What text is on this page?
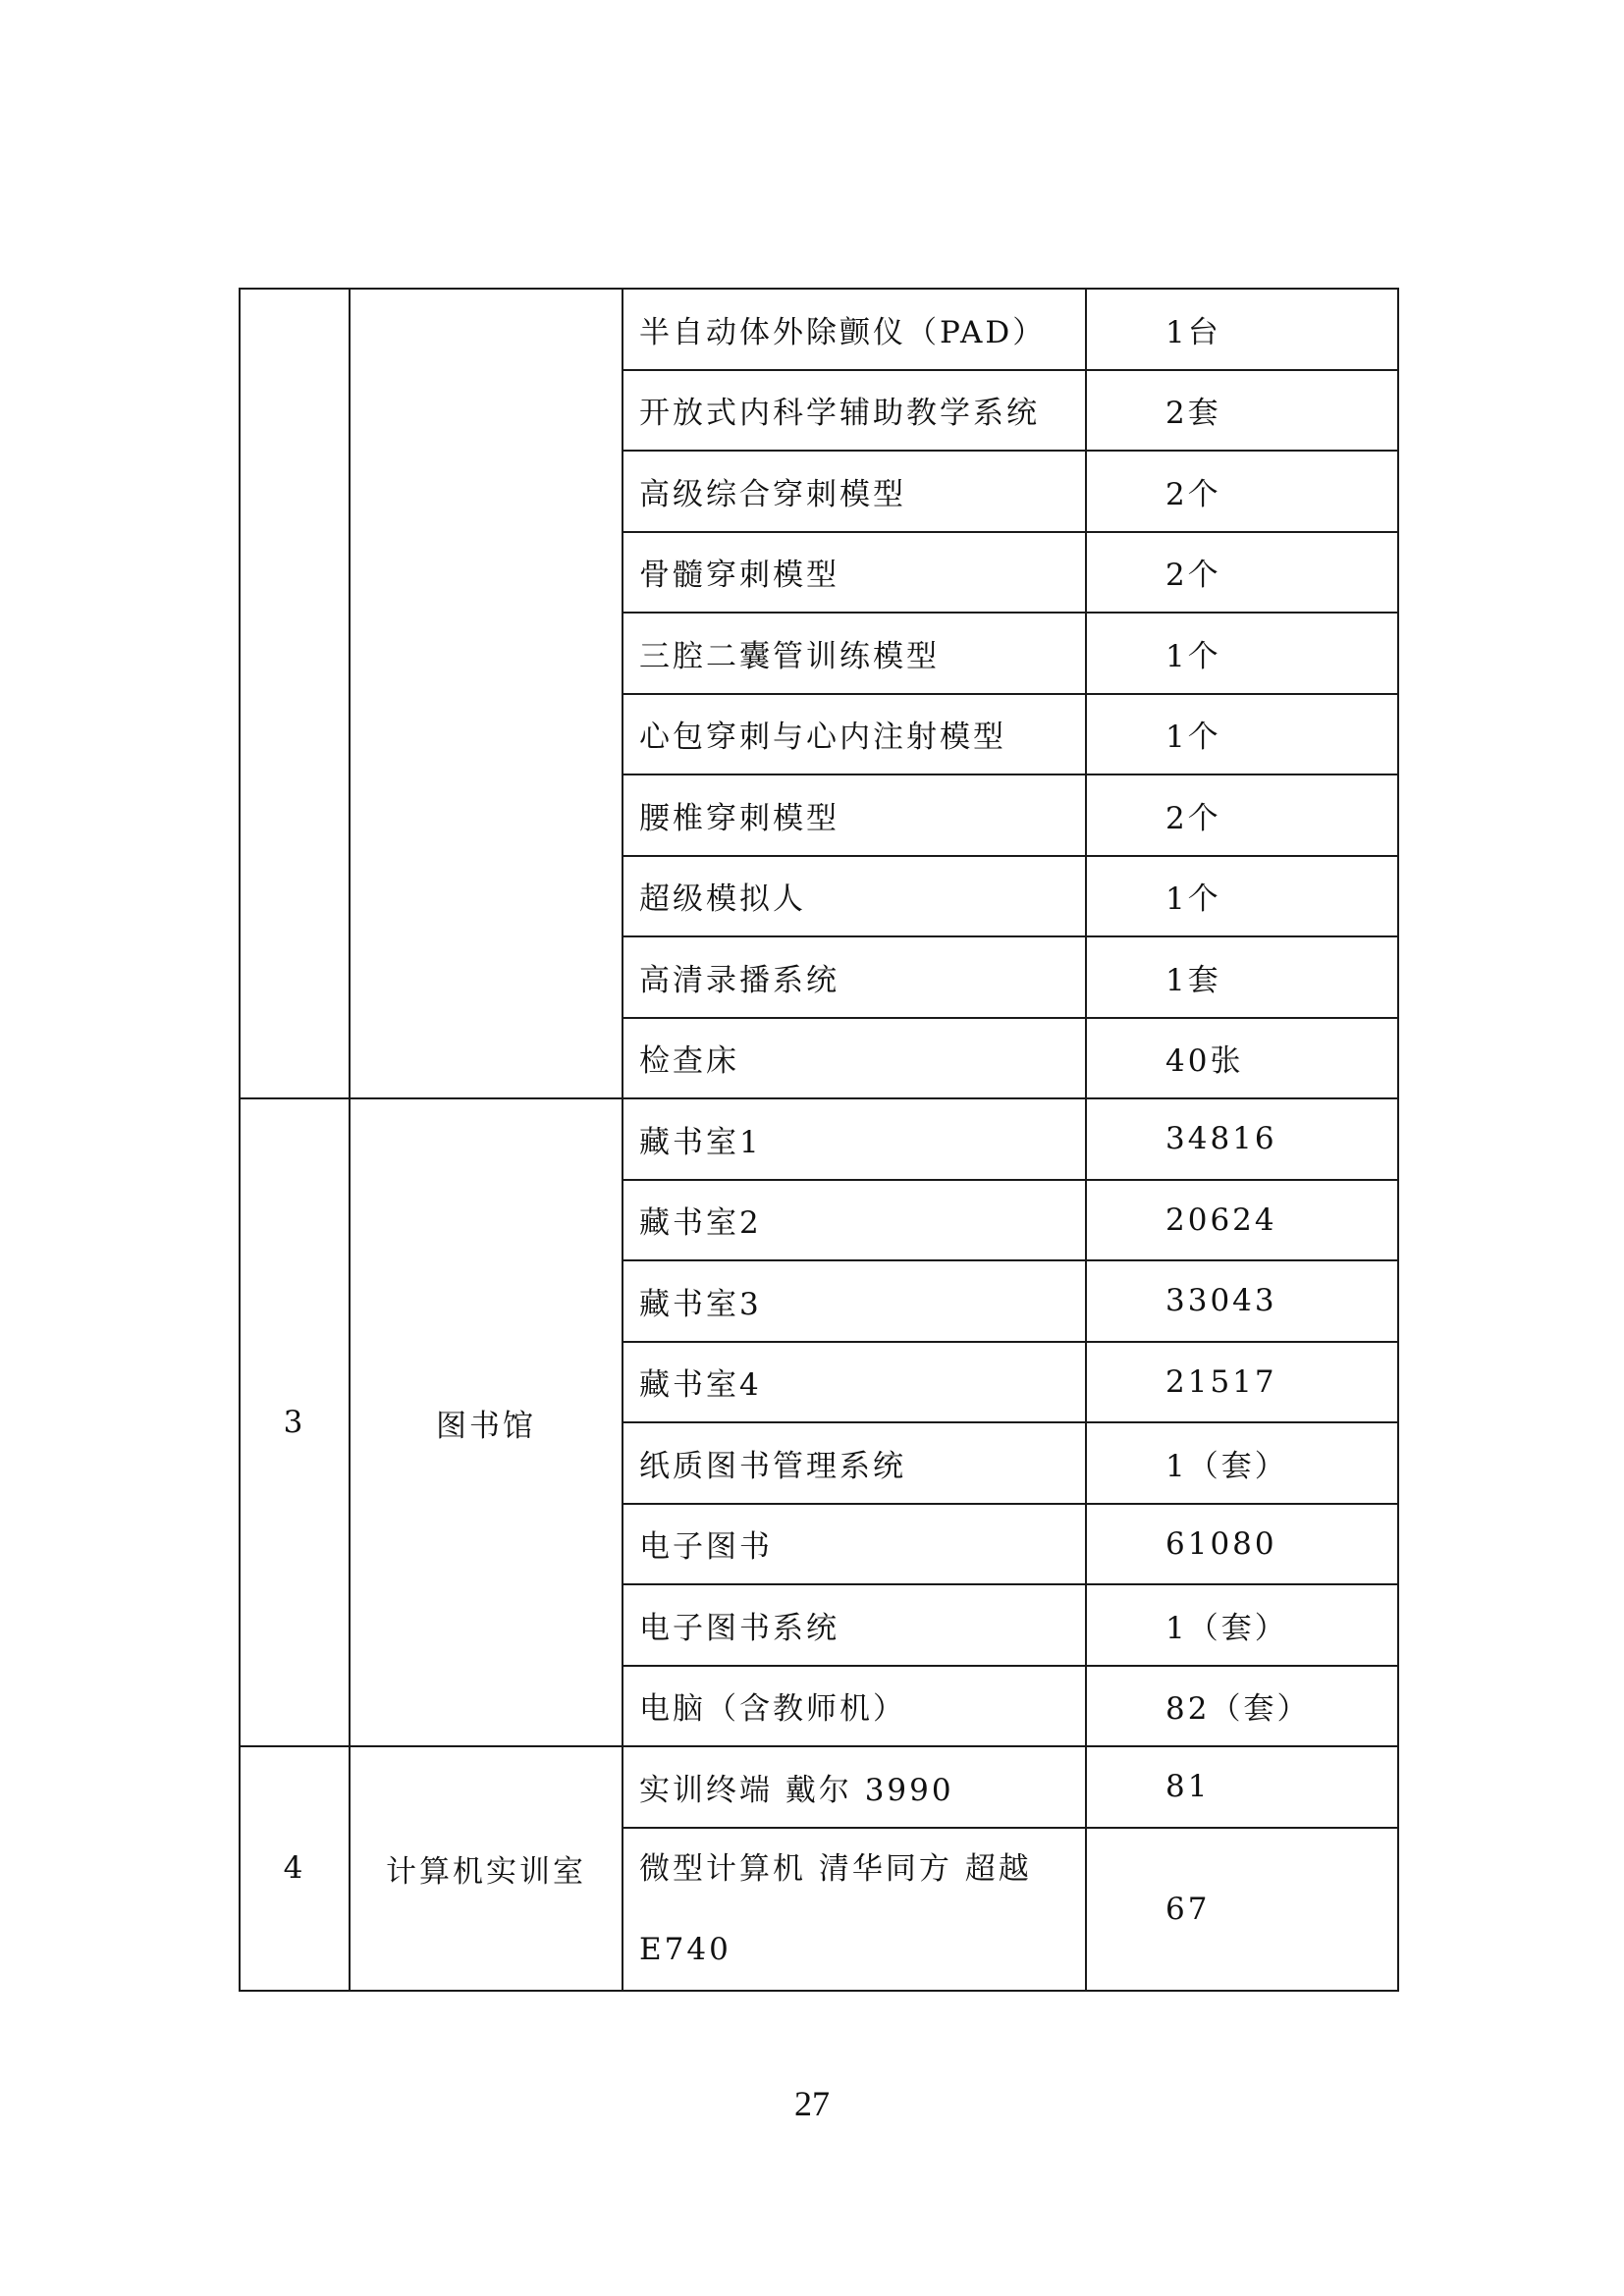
		半自动体外除颤仪（PAD）	1台
		开放式内科学辅助教学系统	2套
		高级综合穿刺模型	2个
		骨髓穿刺模型	2个
		三腔二囊管训练模型	1个
		心包穿刺与心内注射模型	1个
		腰椎穿刺模型	2个
		超级模拟人	1个
		高清录播系统	1套
		检查床	40张
3	图书馆	藏书室1	34816
		藏书室2	20624
		藏书室3	33043
		藏书室4	21517
		纸质图书管理系统	1（套）
		电子图书	61080
		电子图书系统	1（套）
		电脑（含教师机）	82（套）
4	计算机实训室	实训终端 戴尔 3990	81
		微型计算机 清华同方 超越E740	67
27
